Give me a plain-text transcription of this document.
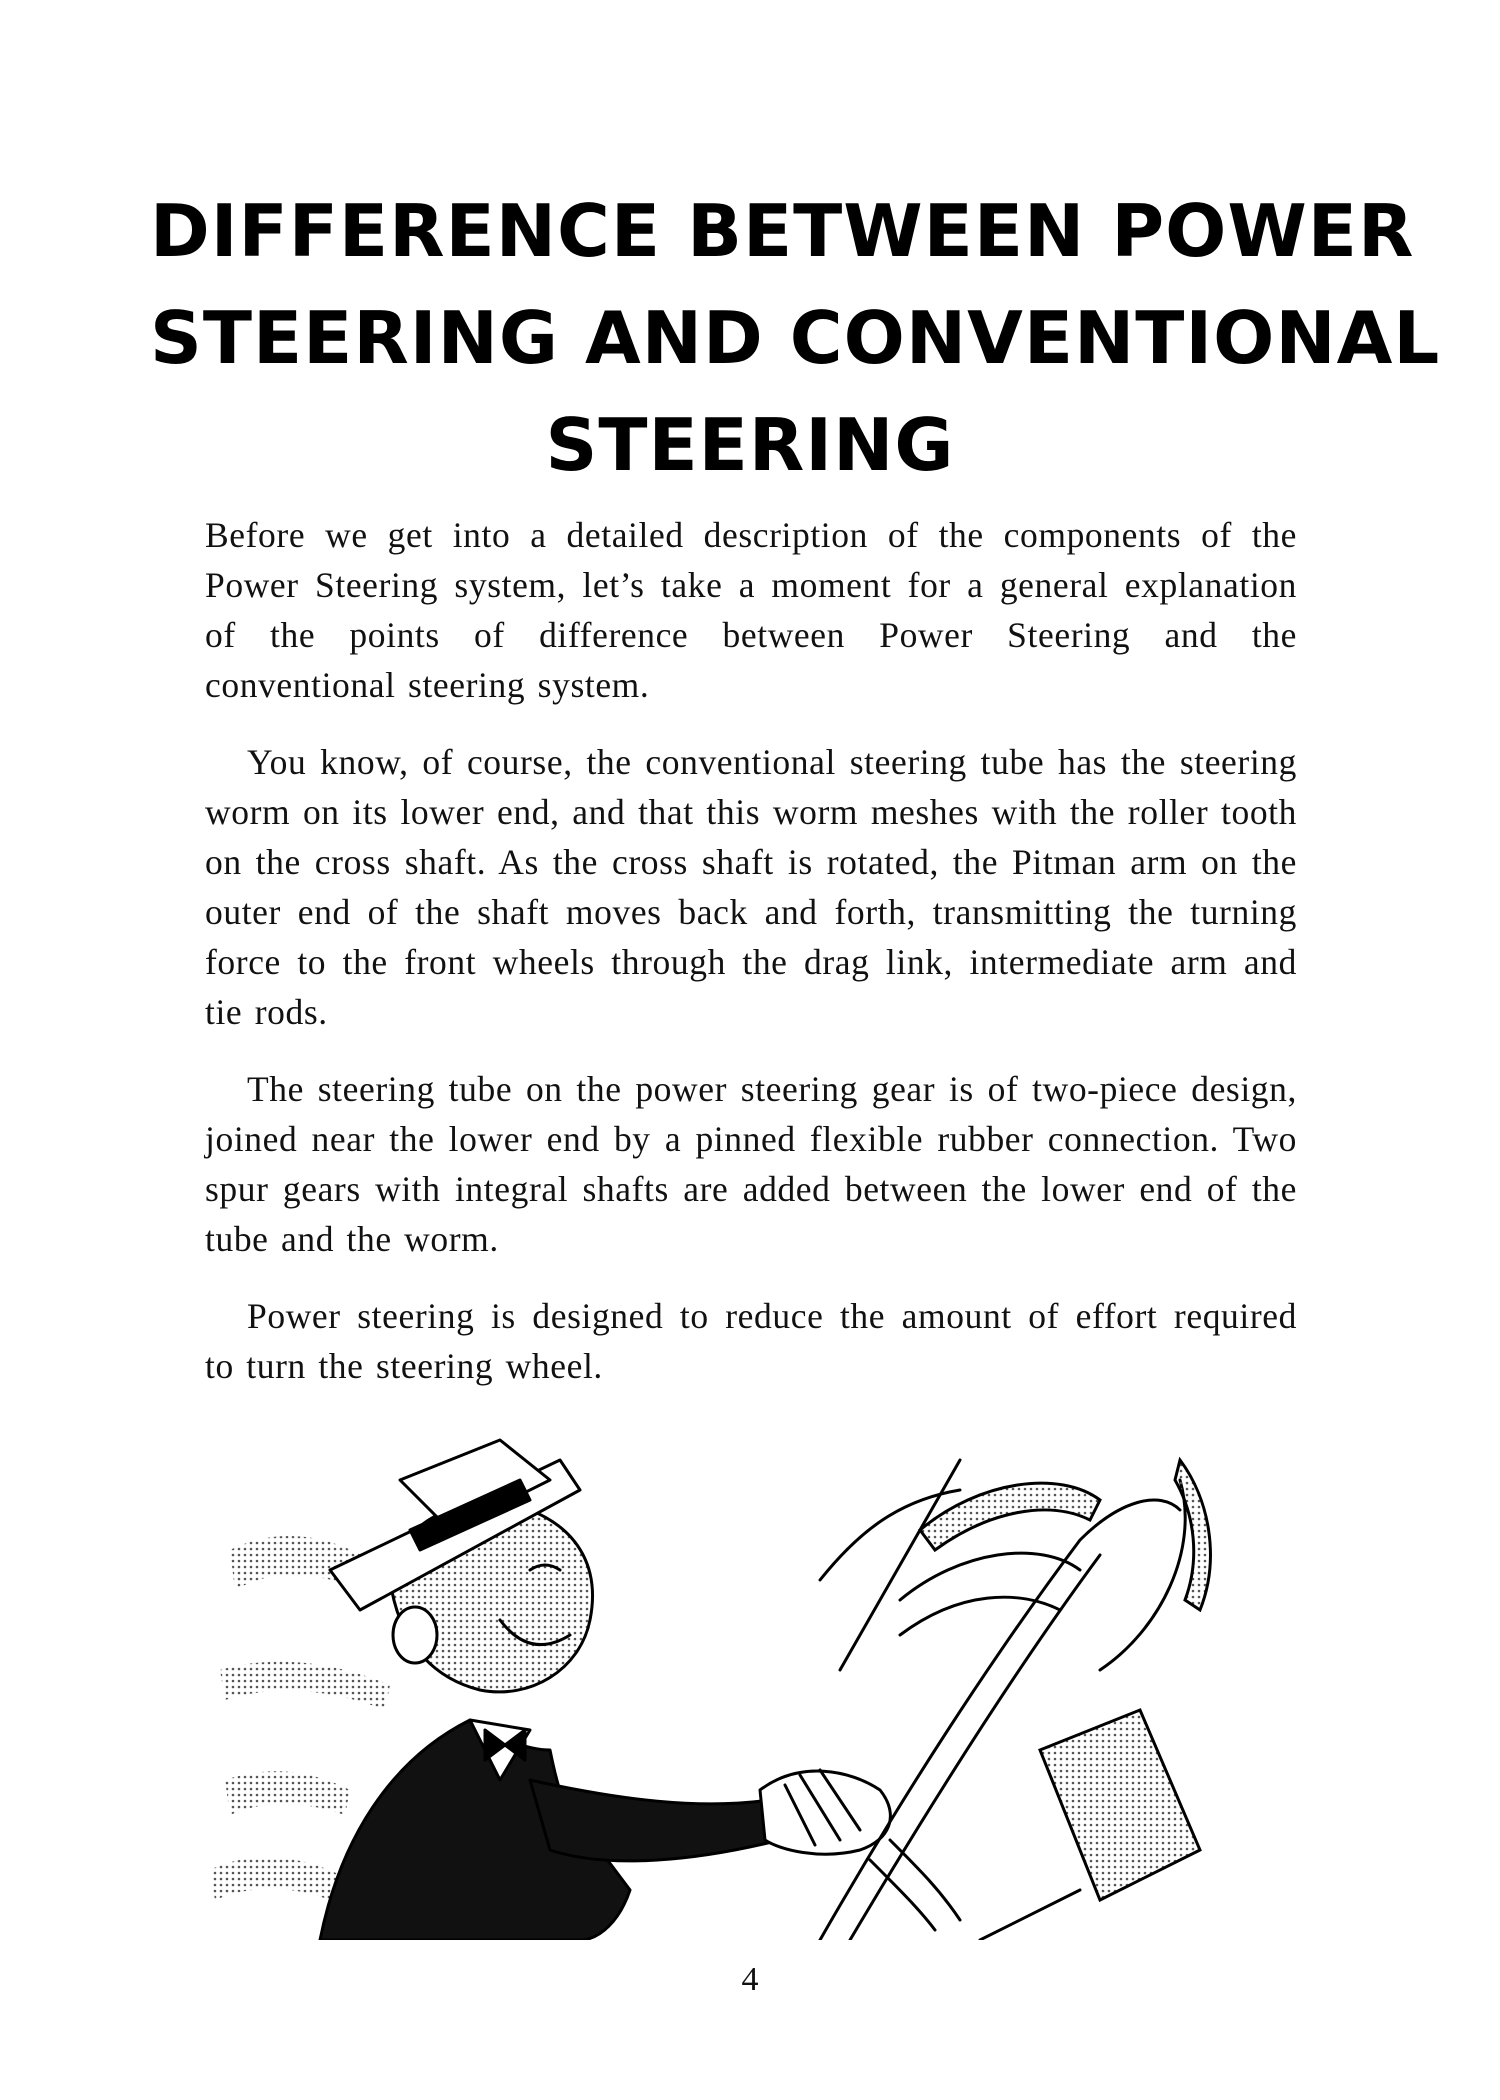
DIFFERENCE BETWEEN POWER
STEERING AND CONVENTIONAL
STEERING

Before we get into a detailed description of the components of the Power Steering system, let’s take a moment for a general explanation of the points of difference between Power Steering and the conventional steering system.

You know, of course, the conventional steering tube has the steering worm on its lower end, and that this worm meshes with the roller tooth on the cross shaft. As the cross shaft is rotated, the Pitman arm on the outer end of the shaft moves back and forth, transmitting the turning force to the front wheels through the drag link, intermediate arm and tie rods.

The steering tube on the power steering gear is of two-piece design, joined near the lower end by a pinned flexible rubber connection. Two spur gears with integral shafts are added between the lower end of the tube and the worm.

Power steering is designed to reduce the amount of effort required to turn the steering wheel.

4
